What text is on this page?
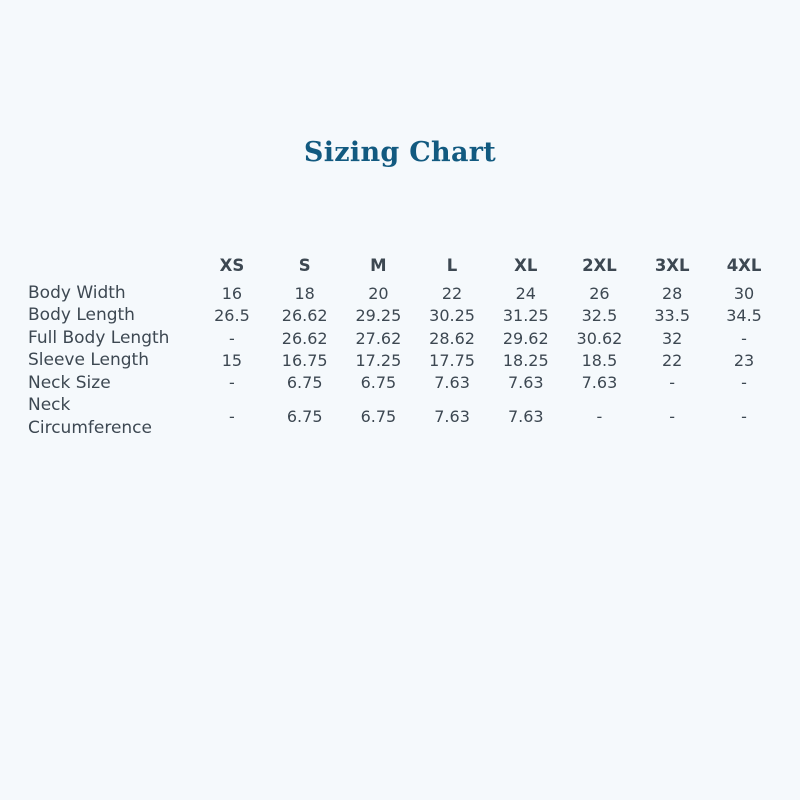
Sizing Chart
	XS	S	M	L	XL	2XL	3XL	4XL
Body Width	16	18	20	22	24	26	28	30
Body Length	26.5	26.62	29.25	30.25	31.25	32.5	33.5	34.5
Full Body Length	-	26.62	27.62	28.62	29.62	30.62	32	-
Sleeve Length	15	16.75	17.25	17.75	18.25	18.5	22	23
Neck Size	-	6.75	6.75	7.63	7.63	7.63	-	-
Neck Circumference	-	6.75	6.75	7.63	7.63	-	-	-
